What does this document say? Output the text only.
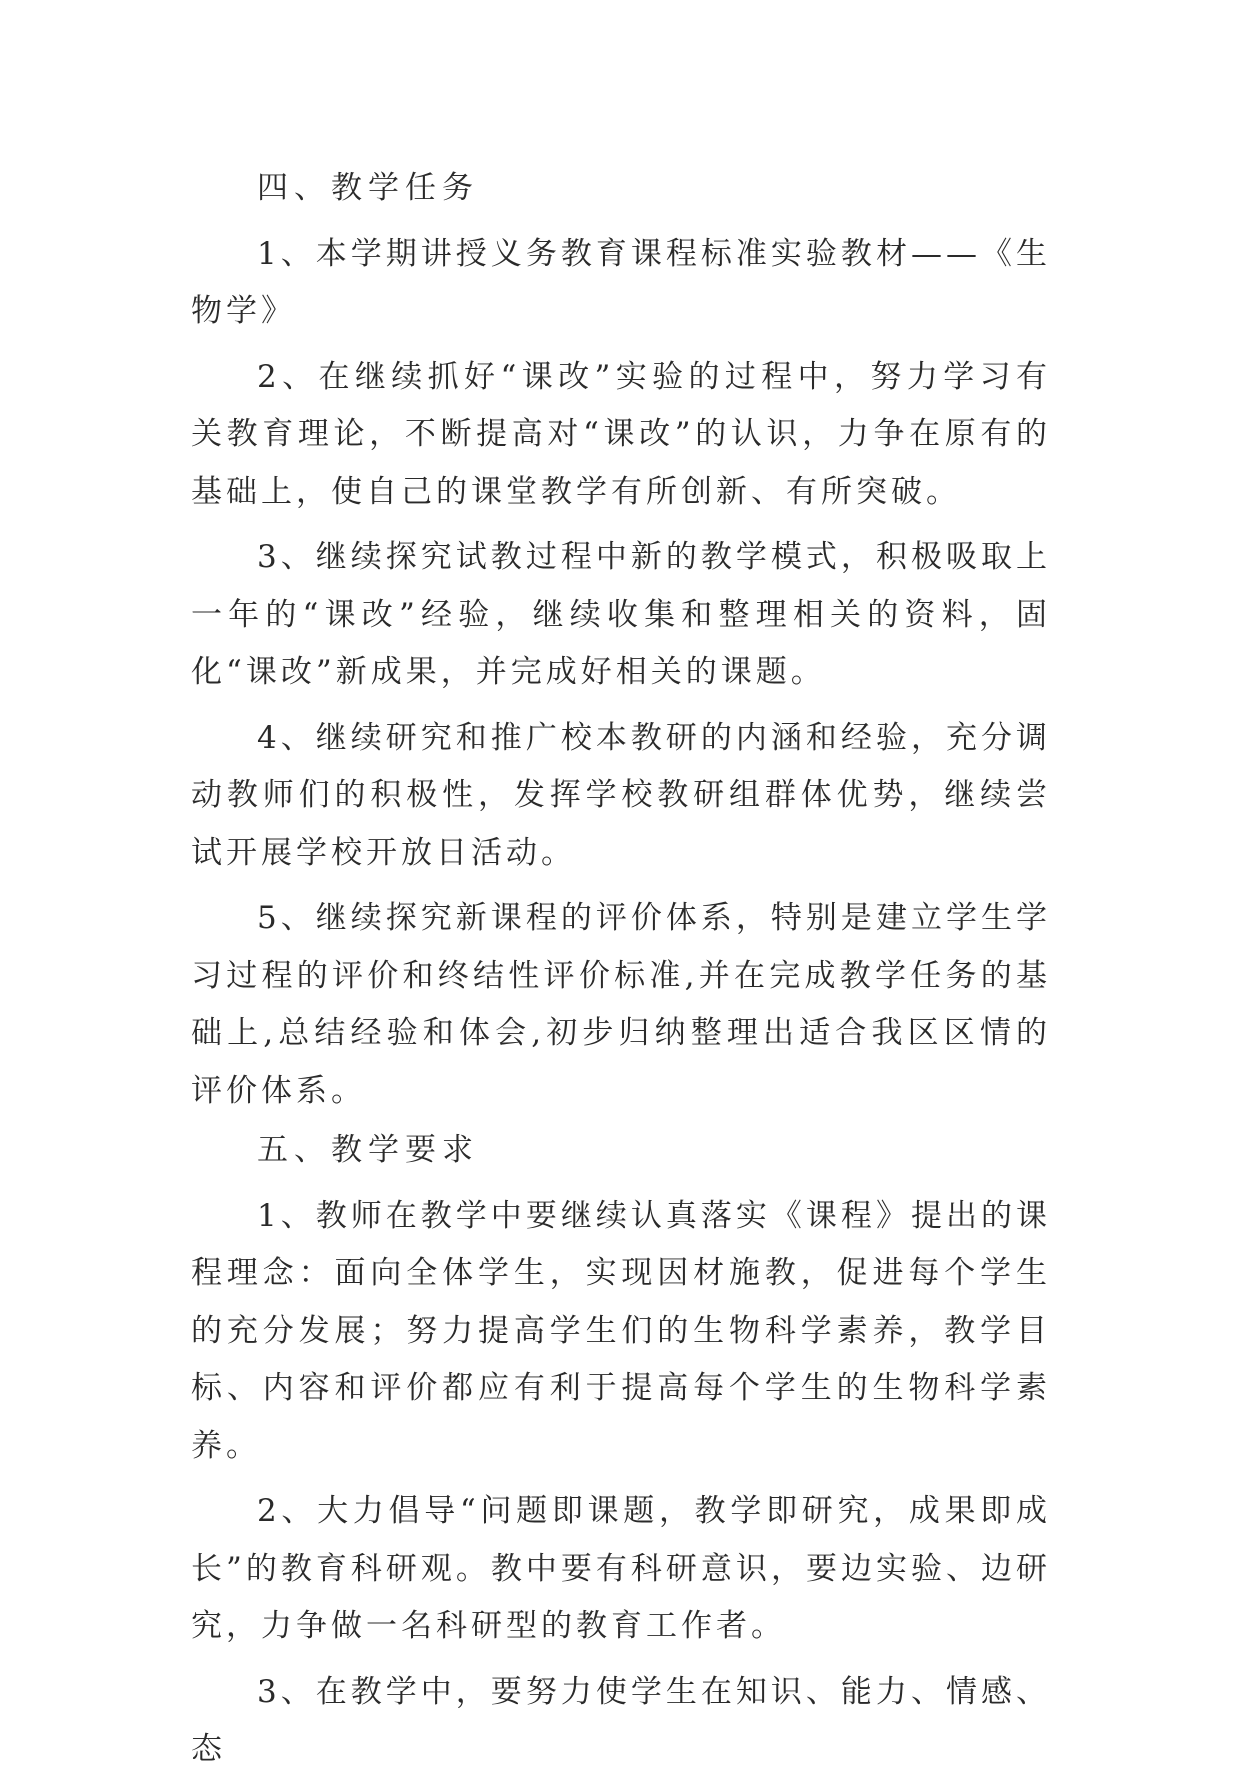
四、教学任务

1、本学期讲授义务教育课程标准实验教材——《生物学》

2、在继续抓好“课改”实验的过程中，努力学习有关教育理论，不断提高对“课改”的认识，力争在原有的基础上，使自己的课堂教学有所创新、有所突破。

3、继续探究试教过程中新的教学模式，积极吸取上一年的“课改”经验，继续收集和整理相关的资料，固化“课改”新成果，并完成好相关的课题。

4、继续研究和推广校本教研的内涵和经验，充分调动教师们的积极性，发挥学校教研组群体优势，继续尝试开展学校开放日活动。

5、继续探究新课程的评价体系，特别是建立学生学习过程的评价和终结性评价标准,并在完成教学任务的基础上,总结经验和体会,初步归纳整理出适合我区区情的评价体系。

五、教学要求

1、教师在教学中要继续认真落实《课程》提出的课程理念：面向全体学生，实现因材施教，促进每个学生的充分发展；努力提高学生们的生物科学素养，教学目标、内容和评价都应有利于提高每个学生的生物科学素养。

2、大力倡导“问题即课题，教学即研究，成果即成长”的教育科研观。教中要有科研意识，要边实验、边研究，力争做一名科研型的教育工作者。

3、在教学中，要努力使学生在知识、能力、情感、态
